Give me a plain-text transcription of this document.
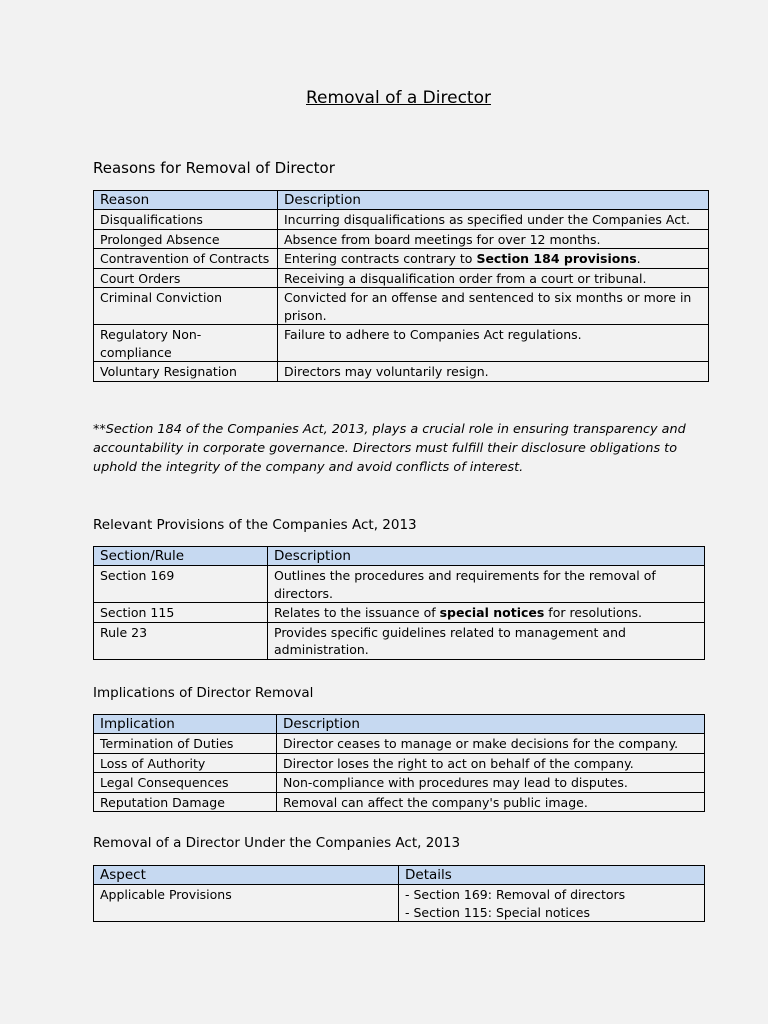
Removal of a Director
Reasons for Removal of Director
Reason	Description
Disqualifications	Incurring disqualifications as specified under the Companies Act.
Prolonged Absence	Absence from board meetings for over 12 months.
Contravention of Contracts	Entering contracts contrary to Section 184 provisions.
Court Orders	Receiving a disqualification order from a court or tribunal.
Criminal Conviction	Convicted for an offense and sentenced to six months or more in prison.
Regulatory Non-compliance	Failure to adhere to Companies Act regulations.
Voluntary Resignation	Directors may voluntarily resign.

**Section 184 of the Companies Act, 2013, plays a crucial role in ensuring transparency and accountability in corporate governance. Directors must fulfill their disclosure obligations to uphold the integrity of the company and avoid conflicts of interest.

Relevant Provisions of the Companies Act, 2013
Section/Rule	Description
Section 169	Outlines the procedures and requirements for the removal of directors.
Section 115	Relates to the issuance of special notices for resolutions.
Rule 23	Provides specific guidelines related to management and administration.
Implications of Director Removal
Implication	Description
Termination of Duties	Director ceases to manage or make decisions for the company.
Loss of Authority	Director loses the right to act on behalf of the company.
Legal Consequences	Non-compliance with procedures may lead to disputes.
Reputation Damage	Removal can affect the company's public image.
Removal of a Director Under the Companies Act, 2013
Aspect	Details
Applicable Provisions	- Section 169: Removal of directors
- Section 115: Special notices
